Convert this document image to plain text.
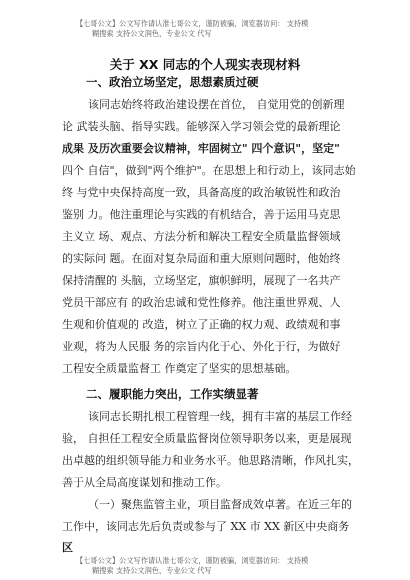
【七哥公文】公文写作请认准七哥公文，谨防被骗，浏览器访问： 支持模
糊搜索 支持公文润色，专业公文 代写
关于 XX 同志的个人现实表现材料
一、政治立场坚定，思想素质过硬
该同志始终将政治建设摆在首位， 自觉用党的创新理
论 武装头脑、指导实践。能够深入学习领会党的最新理论
成果 及历次重要会议精神，牢固树立" 四个意识"，坚定"
四个 自信"，做到"两个维护"。在思想上和行动上，该同志始
终 与党中央保持高度一致，具备高度的政治敏锐性和政治
鉴别 力。他注重理论与实践的有机结合，善于运用马克思
主义立 场、观点、方法分析和解决工程安全质量监督领域
的实际问 题。在面对复杂局面和重大原则问题时，他始终
保持清醒的 头脑，立场坚定，旗帜鲜明，展现了一名共产
党员干部应有 的政治忠诚和党性修养。他注重世界观、人
生观和价值观的 改造，树立了正确的权力观、政绩观和事
业观，将为人民服 务的宗旨内化于心、外化于行，为做好
工程安全质量监督工 作奠定了坚实的思想基础。
二、履职能力突出，工作实绩显著
该同志长期扎根工程管理一线，拥有丰富的基层工作经
验， 自担任工程安全质量监督岗位领导职务以来，更是展现
出卓越的组织领导能力和业务水平。他思路清晰，作风扎实，
善于从全局高度谋划和推动工作。
（一）聚焦监管主业，项目监督成效卓著。在近三年的
工作中，该同志先后负责或参与了 XX 市 XX 新区中央商务
区
【七哥公文】公文写作请认准七哥公文，谨防被骗，浏览器访问： 支持模
糊搜索 支持公文润色，专业公文 代写
